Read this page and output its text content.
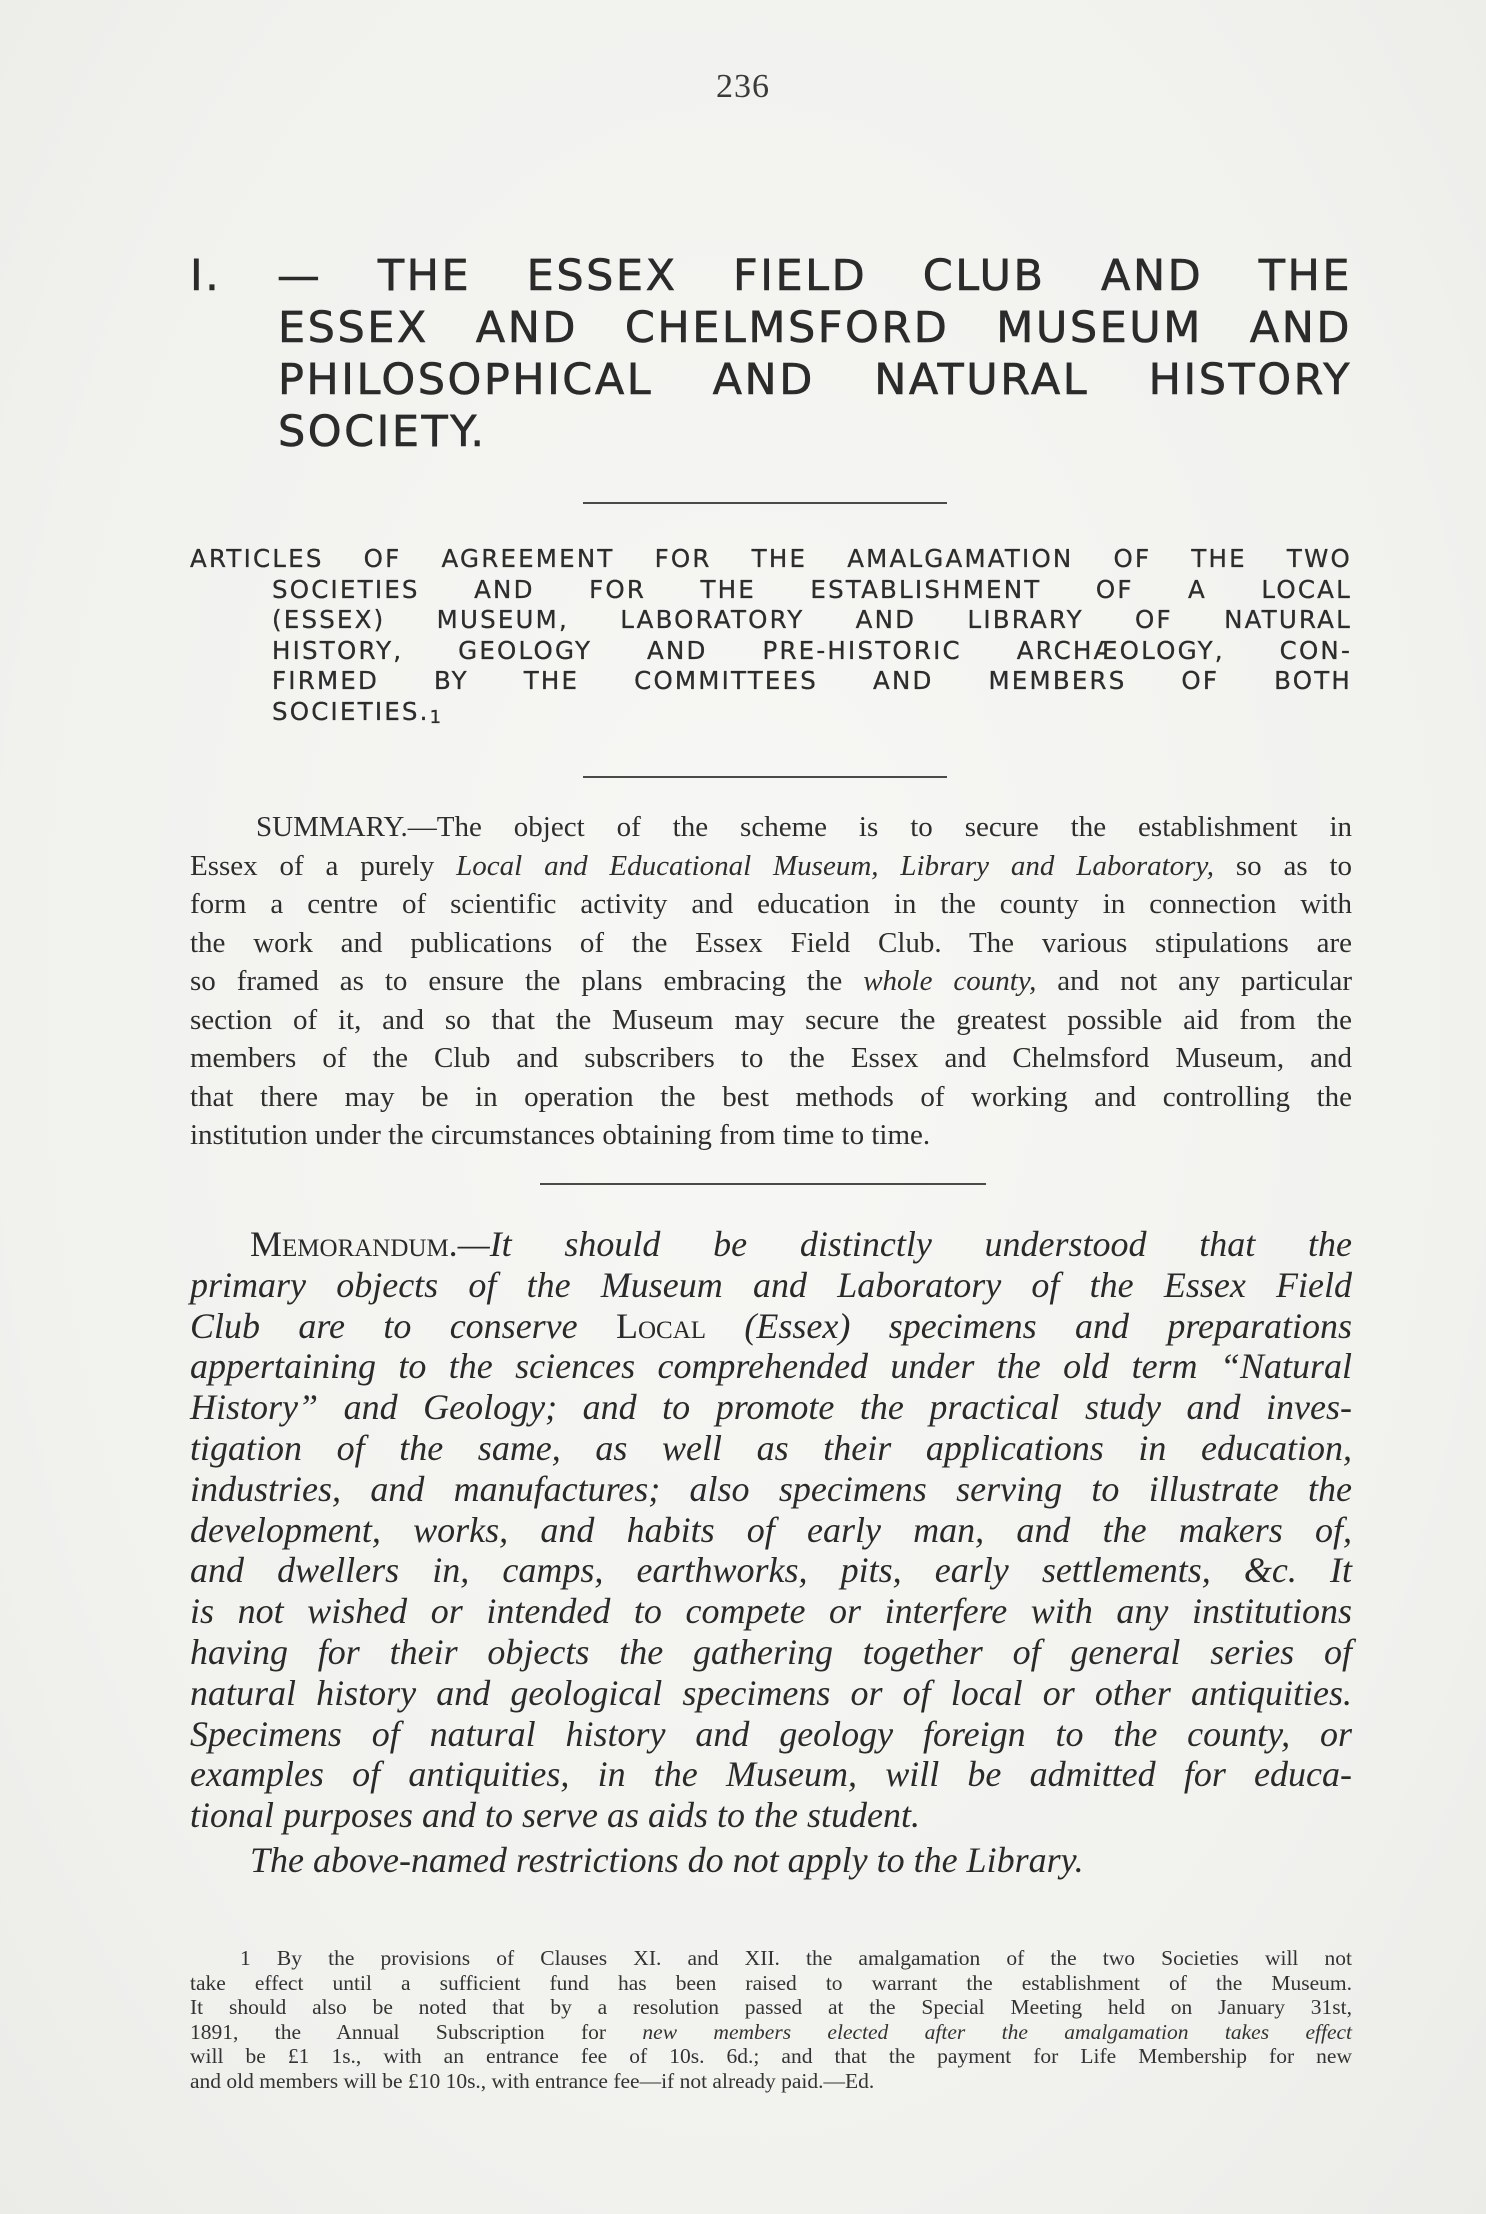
236
I. — THE ESSEX FIELD CLUB AND THE
ESSEX AND CHELMSFORD MUSEUM AND
PHILOSOPHICAL AND NATURAL HISTORY
SOCIETY.
ARTICLES OF AGREEMENT FOR THE AMALGAMATION OF THE TWO
SOCIETIES AND FOR THE ESTABLISHMENT OF A LOCAL
(ESSEX) MUSEUM, LABORATORY AND LIBRARY OF NATURAL
HISTORY, GEOLOGY AND PRE-HISTORIC ARCHÆOLOGY, CON-
FIRMED BY THE COMMITTEES AND MEMBERS OF BOTH
SOCIETIES.$^1$
SUMMARY.—The object of the scheme is to secure the establishment in
Essex of a purely Local and Educational Museum, Library and Laboratory, so as to
form a centre of scientific activity and education in the county in connection with
the work and publications of the Essex Field Club. The various stipulations are
so framed as to ensure the plans embracing the whole county, and not any particular
section of it, and so that the Museum may secure the greatest possible aid from the
members of the Club and subscribers to the Essex and Chelmsford Museum, and
that there may be in operation the best methods of working and controlling the
institution under the circumstances obtaining from time to time.
Memorandum.—It should be distinctly understood that the
primary objects of the Museum and Laboratory of the Essex Field
Club are to conserve Local (Essex) specimens and preparations
appertaining to the sciences comprehended under the old term “Natural
History” and Geology; and to promote the practical study and inves-
tigation of the same, as well as their applications in education,
industries, and manufactures; also specimens serving to illustrate the
development, works, and habits of early man, and the makers of,
and dwellers in, camps, earthworks, pits, early settlements, &c. It
is not wished or intended to compete or interfere with any institutions
having for their objects the gathering together of general series of
natural history and geological specimens or of local or other antiquities.
Specimens of natural history and geology foreign to the county, or
examples of antiquities, in the Museum, will be admitted for educa-
tional purposes and to serve as aids to the student.
The above-named restrictions do not apply to the Library.
1 By the provisions of Clauses XI. and XII. the amalgamation of the two Societies will not
take effect until a sufficient fund has been raised to warrant the establishment of the Museum.
It should also be noted that by a resolution passed at the Special Meeting held on January 31st,
1891, the Annual Subscription for new members elected after the amalgamation takes effect
will be £1 1s., with an entrance fee of 10s. 6d.; and that the payment for Life Membership for new
and old members will be £10 10s., with entrance fee—if not already paid.—Ed.
